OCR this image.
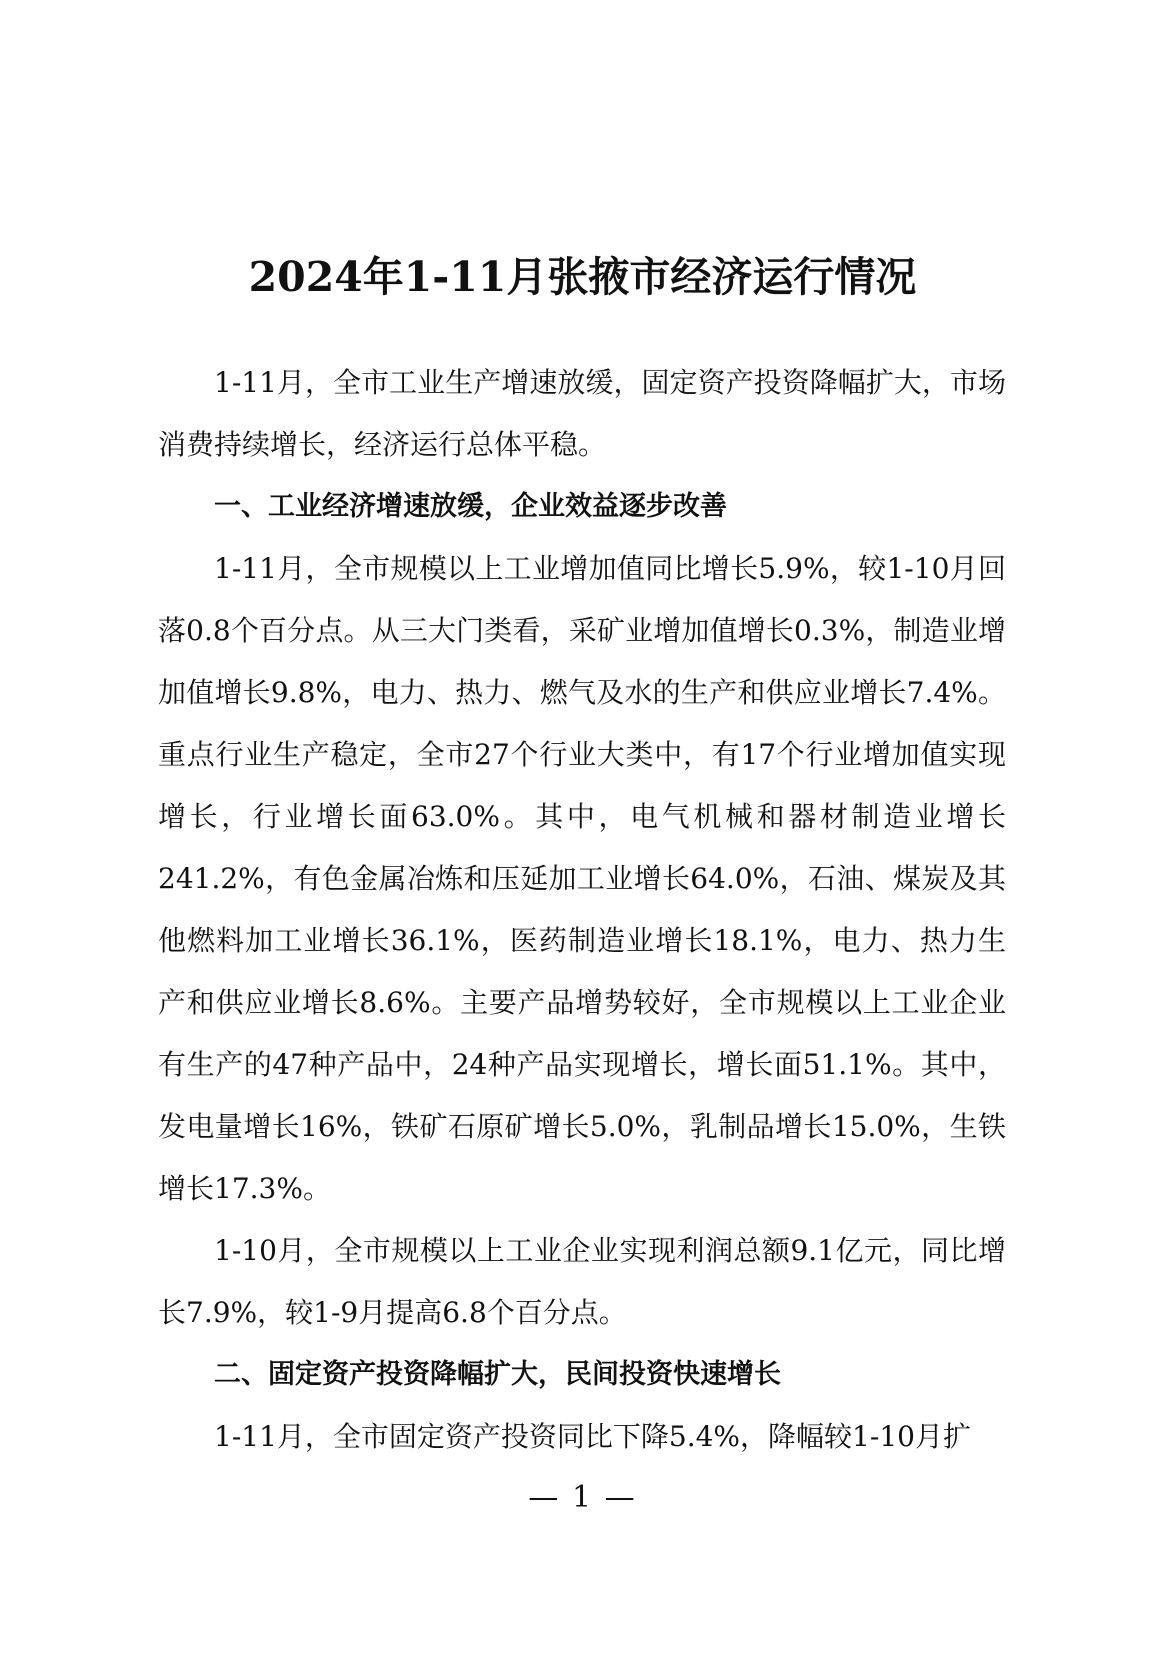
2024年1-11月张掖市经济运行情况

1-11月，全市工业生产增速放缓，固定资产投资降幅扩大，市场消费持续增长，经济运行总体平稳。

一、工业经济增速放缓，企业效益逐步改善

1-11月，全市规模以上工业增加值同比增长5.9%，较1-10月回落0.8个百分点。从三大门类看，采矿业增加值增长0.3%，制造业增加值增长9.8%，电力、热力、燃气及水的生产和供应业增长7.4%。重点行业生产稳定，全市27个行业大类中，有17个行业增加值实现增长，行业增长面63.0%。其中，电气机械和器材制造业增长241.2%，有色金属冶炼和压延加工业增长64.0%，石油、煤炭及其他燃料加工业增长36.1%，医药制造业增长18.1%，电力、热力生产和供应业增长8.6%。主要产品增势较好，全市规模以上工业企业有生产的47种产品中，24种产品实现增长，增长面51.1%。其中，发电量增长16%，铁矿石原矿增长5.0%，乳制品增长15.0%，生铁增长17.3%。

1-10月，全市规模以上工业企业实现利润总额9.1亿元，同比增长7.9%，较1-9月提高6.8个百分点。

二、固定资产投资降幅扩大，民间投资快速增长

1-11月，全市固定资产投资同比下降5.4%，降幅较1-10月扩

— 1 —
